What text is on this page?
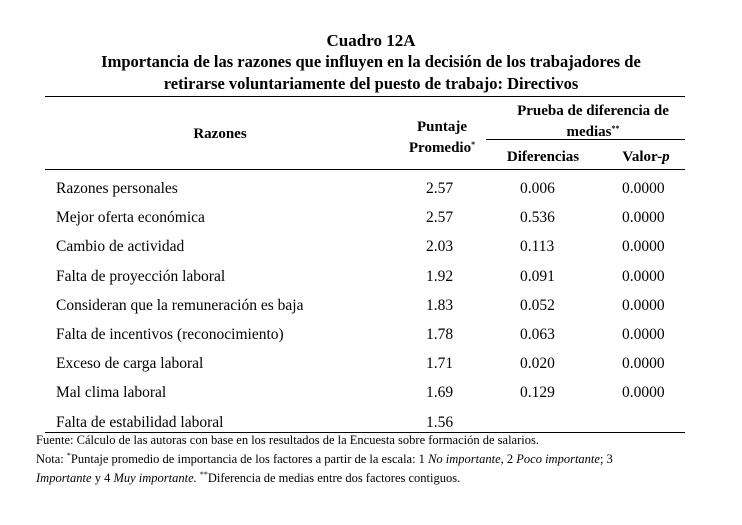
Cuadro 12A
Importancia de las razones que influyen en la decisión de los trabajadores de
retirarse voluntariamente del puesto de trabajo: Directivos
Razones	Puntaje
Promedio*
Prueba de diferencia de
medias**
Diferencias	Valor-p
Razones personales	2.57	0.006	0.0000
Mejor oferta económica	2.57	0.536	0.0000
Cambio de actividad	2.03	0.113	0.0000
Falta de proyección laboral	1.92	0.091	0.0000
Consideran que la remuneración es baja	1.83	0.052	0.0000
Falta de incentivos (reconocimiento)	1.78	0.063	0.0000
Exceso de carga laboral	1.71	0.020	0.0000
Mal clima laboral	1.69	0.129	0.0000
Falta de estabilidad laboral	1.56
Fuente: Cálculo de las autoras con base en los resultados de la Encuesta sobre formación de salarios.
Nota: *Puntaje promedio de importancia de los factores a partir de la escala: 1 No importante, 2 Poco importante; 3
Importante y 4 Muy importante. **Diferencia de medias entre dos factores contiguos.
